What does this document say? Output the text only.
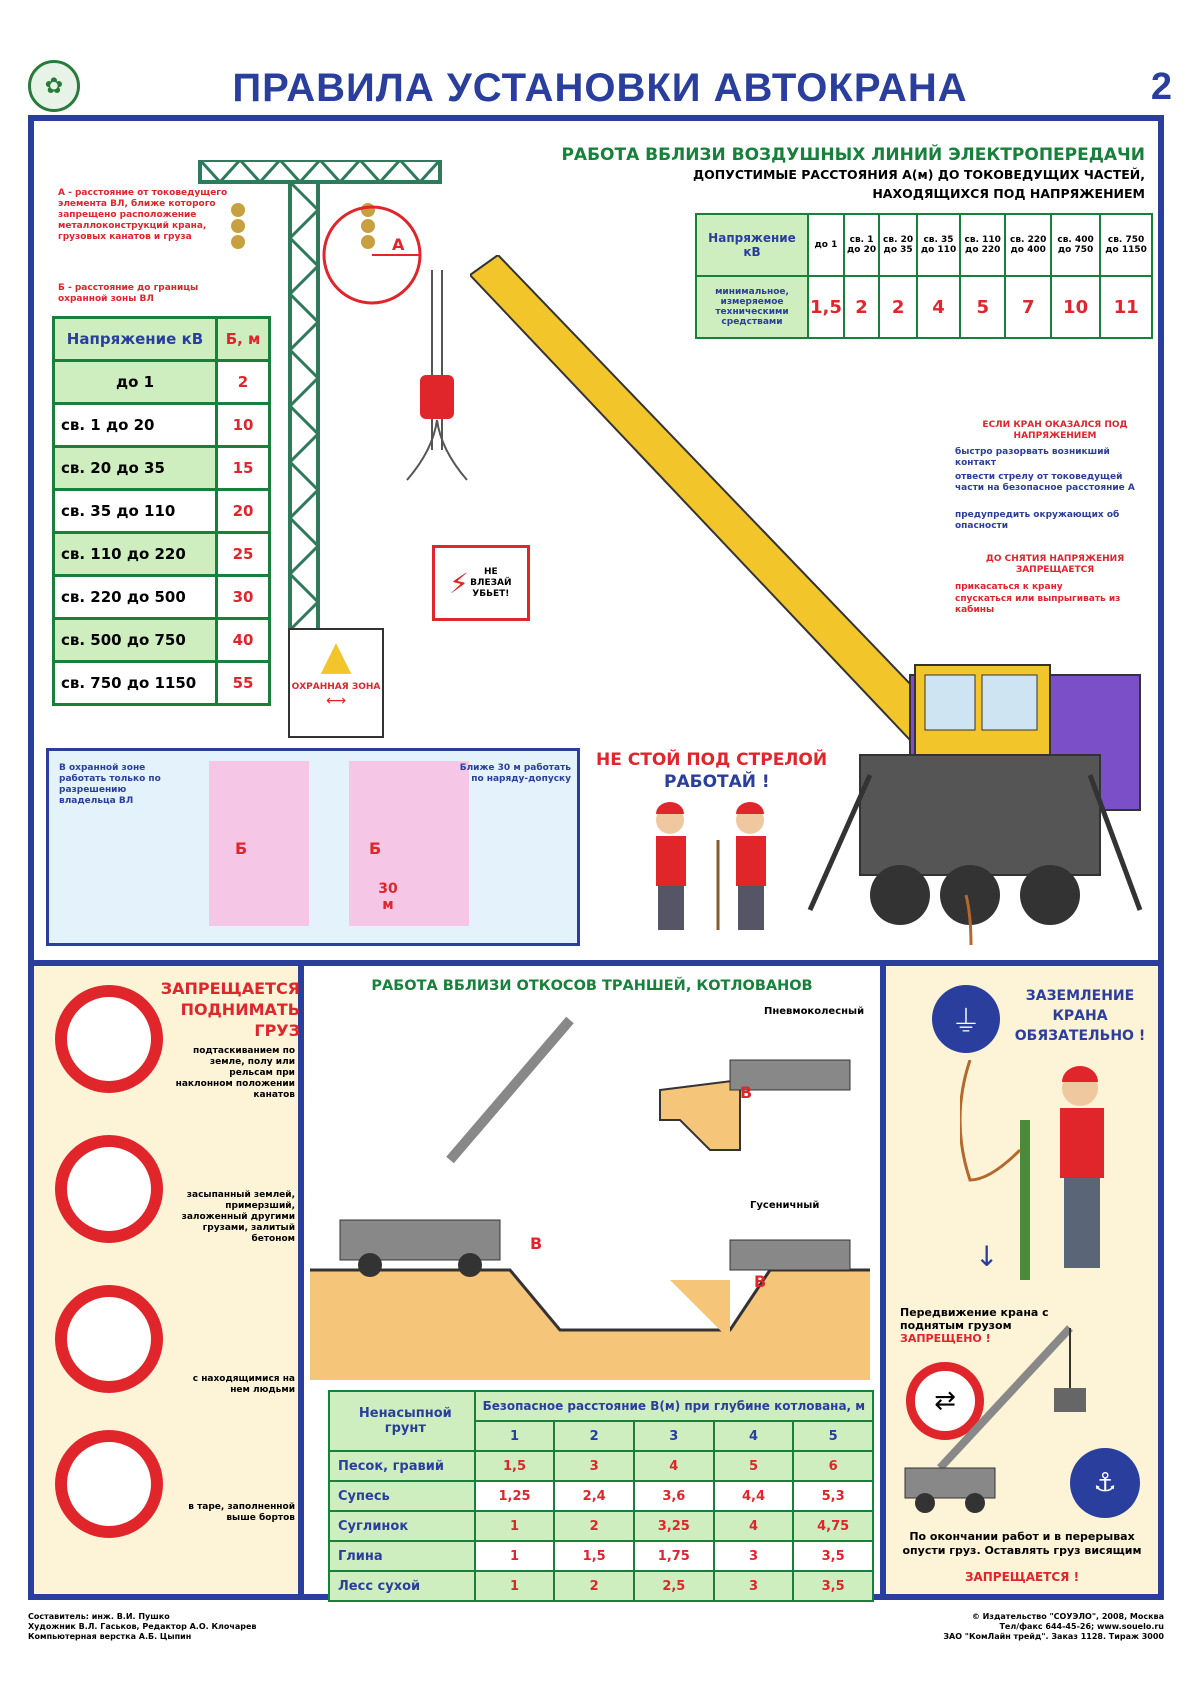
✿	ПРАВИЛА УСТАНОВКИ АВТОКРАНА	2
А
А - расстояние от токоведущего элемента ВЛ, ближе которого запрещено расположение металлоконструкций крана, грузовых канатов и груза
Б - расстояние до границы охранной зоны ВЛ
Напряжение кВ	Б, м
до 1	2
св. 1 до 20	10
св. 20 до 35	15
св. 35 до 110	20
св. 110 до 220	25
св. 220 до 500	30
св. 500 до 750	40
св. 750 до 1150	55
⚡	НЕ ВЛЕЗАЙ УБЬЕТ!
▲
ОХРАННАЯ ЗОНА
⟷
РАБОТА ВБЛИЗИ ВОЗДУШНЫХ ЛИНИЙ ЭЛЕКТРОПЕРЕДАЧИ
ДОПУСТИМЫЕ РАССТОЯНИЯ А(м) ДО ТОКОВЕДУЩИХ ЧАСТЕЙ,
НАХОДЯЩИХСЯ ПОД НАПРЯЖЕНИЕМ
Напряжение кВ	до 1	св. 1 до 20	св. 20 до 35	св. 35 до 110	св. 110 до 220	св. 220 до 400	св. 400 до 750	св. 750 до 1150
минимальное, измеряемое техническими средствами	1,5	2	2	4	5	7	10	11
ЕСЛИ КРАН ОКАЗАЛСЯ ПОД НАПРЯЖЕНИЕМ
быстро разорвать возникший контакт
отвести стрелу от токоведущей части на безопасное расстояние А
предупредить окружающих об опасности
ДО СНЯТИЯ НАПРЯЖЕНИЯ ЗАПРЕЩАЕТСЯ
прикасаться к крану
спускаться или выпрыгивать из кабины
В охранной зоне работать только по разрешению владельца ВЛ
Ближе 30 м работать по наряду-допуску
Б	Б
30 м
НЕ СТОЙ ПОД СТРЕЛОЙ
РАБОТАЙ !
ЗАПРЕЩАЕТСЯ ПОДНИМАТЬ ГРУЗ
подтаскиванием по земле, полу или рельсам при наклонном положении канатов
засыпанный землей, примерзший, заложенный другими грузами, залитый бетоном
с находящимися на нем людьми
в таре, заполненной выше бортов
РАБОТА ВБЛИЗИ ОТКОСОВ ТРАНШЕЙ, КОТЛОВАНОВ
Пневмоколесный
Гусеничный
В
В
В
Ненасыпной грунт	Безопасное расстояние В(м) при глубине котлована, м				
	1	2	3	4	5
Песок, гравий	1,5	3	4	5	6
Супесь	1,25	2,4	3,6	4,4	5,3
Суглинок	1	2	3,25	4	4,75
Глина	1	1,5	1,75	3	3,5
Лесс сухой	1	2	2,5	3	3,5
⏚
ЗАЗЕМЛЕНИЕ КРАНА ОБЯЗАТЕЛЬНО !
↓
Передвижение крана с поднятым грузом
ЗАПРЕЩЕНО !
⇄
⚓
По окончании работ и в перерывах опусти груз. Оставлять груз висящим
ЗАПРЕЩАЕТСЯ !
Составитель: инж. В.И. Пушко
Художник В.Л. Гаськов, Редактор А.О. Клочарев
Компьютерная верстка А.Б. Цыпин
© Издательство "СОУЭЛО", 2008, Москва
Тел/факс 644-45-26; www.souelo.ru
ЗАО "КомЛайн трейд". Заказ 1128. Тираж 3000
